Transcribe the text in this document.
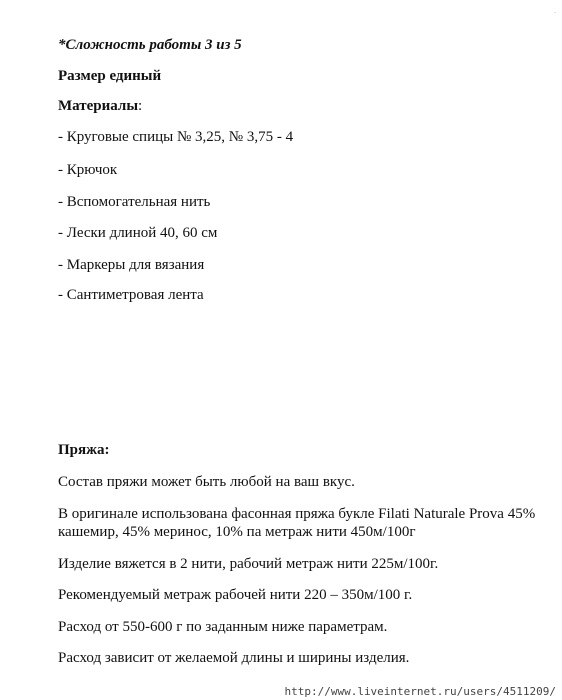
.
*Сложность работы 3 из 5
Размер единый
Материалы:
- Круговые спицы № 3,25, № 3,75 - 4
- Крючок
- Вспомогательная нить
- Лески длиной 40, 60 см
- Маркеры для вязания
- Сантиметровая лента
Пряжа:
Состав пряжи может быть любой на ваш вкус.
В оригинале использована фасонная пряжа букле Filati Naturale Prova 45%
кашемир, 45% меринос, 10% па метраж нити 450м/100г
Изделие вяжется в 2 нити, рабочий метраж нити 225м/100г.
Рекомендуемый метраж рабочей нити 220 – 350м/100 г.
Расход от 550-600 г по заданным ниже параметрам.
Расход зависит от желаемой длины и ширины изделия.
http://www.liveinternet.ru/users/4511209/
